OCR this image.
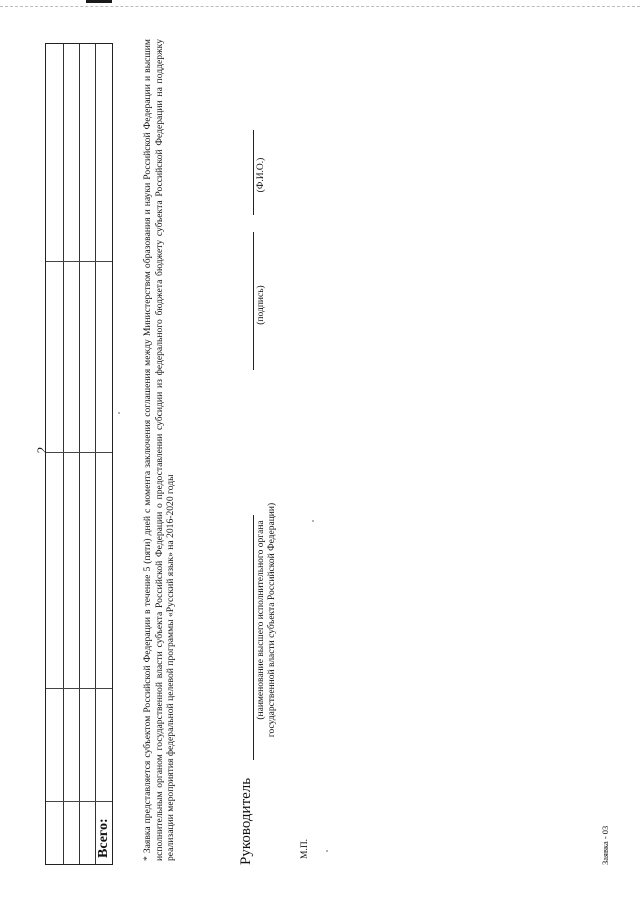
2
Всего:	* Заявка представляется субъектом Российской Федерации в течение 5 (пяти) дней с момента заключения соглашения между Министерством образования и науки Российской Федерации и высшим исполнительным органом государственной власти субъекта Российской Федерации о предоставлении субсидии из федерального бюджета бюджету субъекта Российской Федерации на поддержку реализации мероприятия федеральной целевой программы «Русский язык» на 2016-2020 годы	Руководитель
(наименование высшего исполнительного органа государственной власти субъекта Российской Федерации)
(подпись)
(Ф.И.О.)
М.П.	Заявка - 03
